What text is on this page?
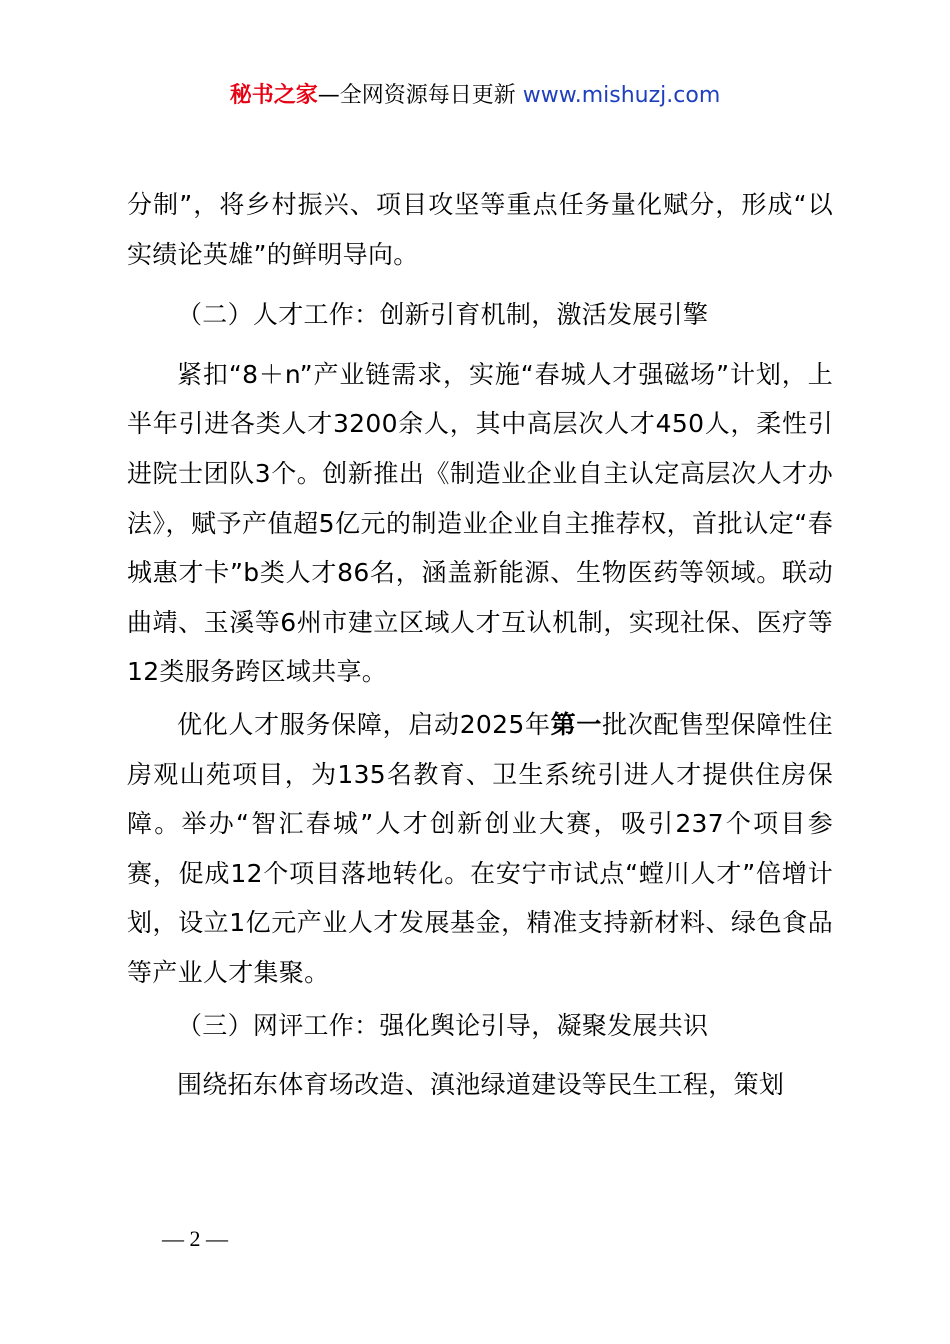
秘书之家—全网资源每日更新 www.mishuzj.com

分制”，将乡村振兴、项目攻坚等重点任务量化赋分，形成“以实绩论英雄”的鲜明导向。

（二）人才工作：创新引育机制，激活发展引擎

紧扣“8＋n”产业链需求，实施“春城人才强磁场”计划，上半年引进各类人才3200余人，其中高层次人才450人，柔性引进院士团队3个。创新推出《制造业企业自主认定高层次人才办法》，赋予产值超5亿元的制造业企业自主推荐权，首批认定“春城惠才卡”b类人才86名，涵盖新能源、生物医药等领域。联动曲靖、玉溪等6州市建立区域人才互认机制，实现社保、医疗等12类服务跨区域共享。

优化人才服务保障，启动2025年第一批次配售型保障性住房观山苑项目，为135名教育、卫生系统引进人才提供住房保障。举办“智汇春城”人才创新创业大赛，吸引237个项目参赛，促成12个项目落地转化。在安宁市试点“螳川人才”倍增计划，设立1亿元产业人才发展基金，精准支持新材料、绿色食品等产业人才集聚。

（三）网评工作：强化舆论引导，凝聚发展共识

围绕拓东体育场改造、滇池绿道建设等民生工程，策划

— 2 —
